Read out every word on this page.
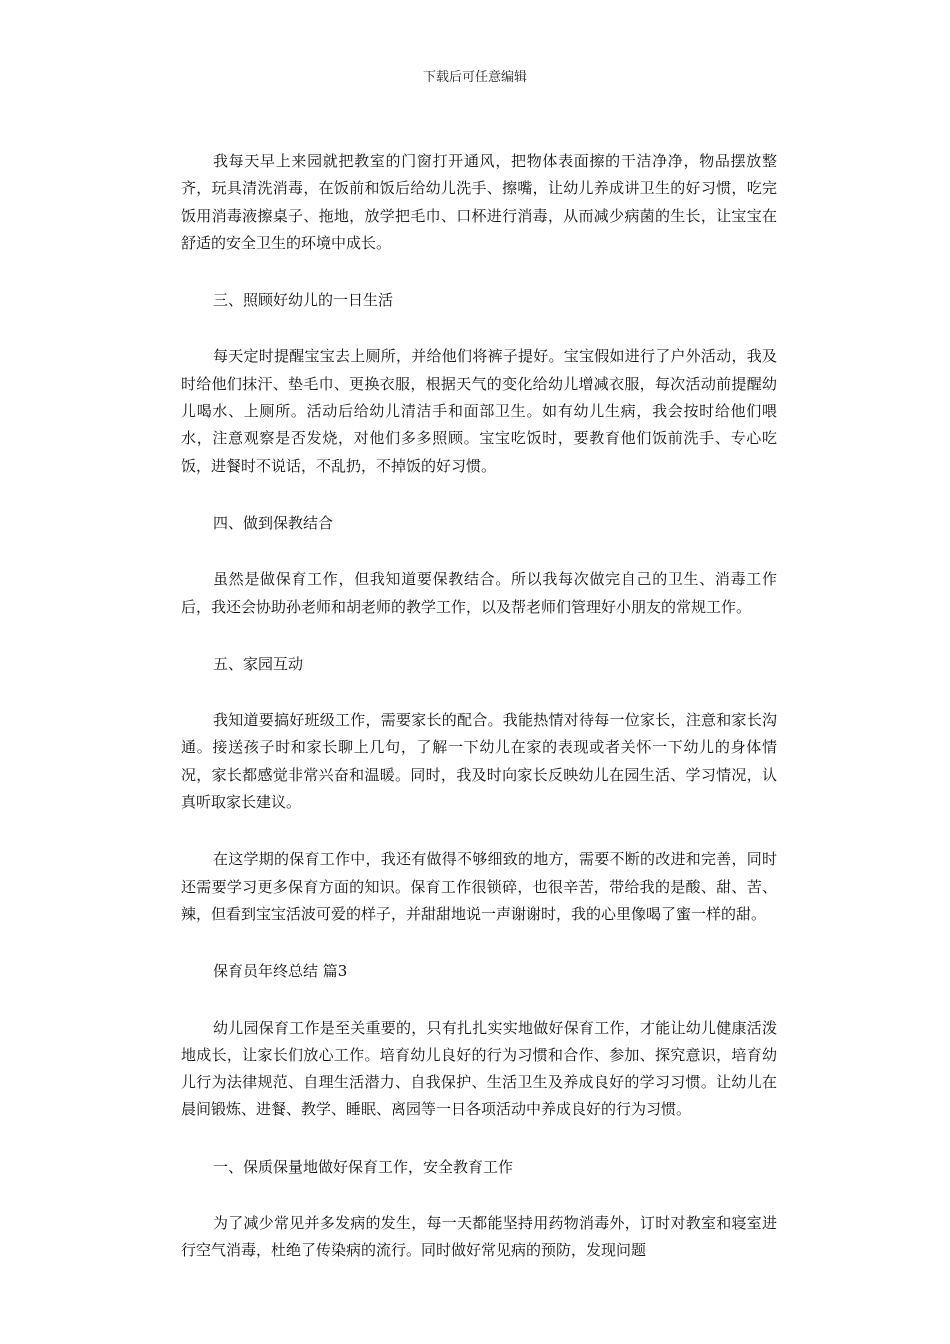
下载后可任意编辑

我每天早上来园就把教室的门窗打开通风，把物体表面擦的干洁净净，物品摆放整齐，玩具清洗消毒，在饭前和饭后给幼儿洗手、擦嘴，让幼儿养成讲卫生的好习惯，吃完饭用消毒液擦桌子、拖地，放学把毛巾、口杯进行消毒，从而减少病菌的生长，让宝宝在舒适的安全卫生的环境中成长。

三、照顾好幼儿的一日生活

每天定时提醒宝宝去上厕所，并给他们将裤子提好。宝宝假如进行了户外活动，我及时给他们抹汗、垫毛巾、更换衣服，根据天气的变化给幼儿增减衣服，每次活动前提醒幼儿喝水、上厕所。活动后给幼儿清洁手和面部卫生。如有幼儿生病，我会按时给他们喂水，注意观察是否发烧，对他们多多照顾。宝宝吃饭时，要教育他们饭前洗手、专心吃饭，进餐时不说话，不乱扔，不掉饭的好习惯。

四、做到保教结合

虽然是做保育工作，但我知道要保教结合。所以我每次做完自己的卫生、消毒工作后，我还会协助孙老师和胡老师的教学工作，以及帮老师们管理好小朋友的常规工作。

五、家园互动

我知道要搞好班级工作，需要家长的配合。我能热情对待每一位家长，注意和家长沟通。接送孩子时和家长聊上几句，了解一下幼儿在家的表现或者关怀一下幼儿的身体情况，家长都感觉非常兴奋和温暖。同时，我及时向家长反映幼儿在园生活、学习情况，认真听取家长建议。

在这学期的保育工作中，我还有做得不够细致的地方，需要不断的改进和完善，同时还需要学习更多保育方面的知识。保育工作很锁碎，也很辛苦，带给我的是酸、甜、苦、辣，但看到宝宝活波可爱的样子，并甜甜地说一声谢谢时，我的心里像喝了蜜一样的甜。

保育员年终总结 篇3

幼儿园保育工作是至关重要的，只有扎扎实实地做好保育工作，才能让幼儿健康活泼地成长，让家长们放心工作。培育幼儿良好的行为习惯和合作、参加、探究意识，培育幼儿行为法律规范、自理生活潜力、自我保护、生活卫生及养成良好的学习习惯。让幼儿在晨间锻炼、进餐、教学、睡眠、离园等一日各项活动中养成良好的行为习惯。

一、保质保量地做好保育工作，安全教育工作

为了减少常见并多发病的发生，每一天都能坚持用药物消毒外，订时对教室和寝室进行空气消毒，杜绝了传染病的流行。同时做好常见病的预防，发现问题
